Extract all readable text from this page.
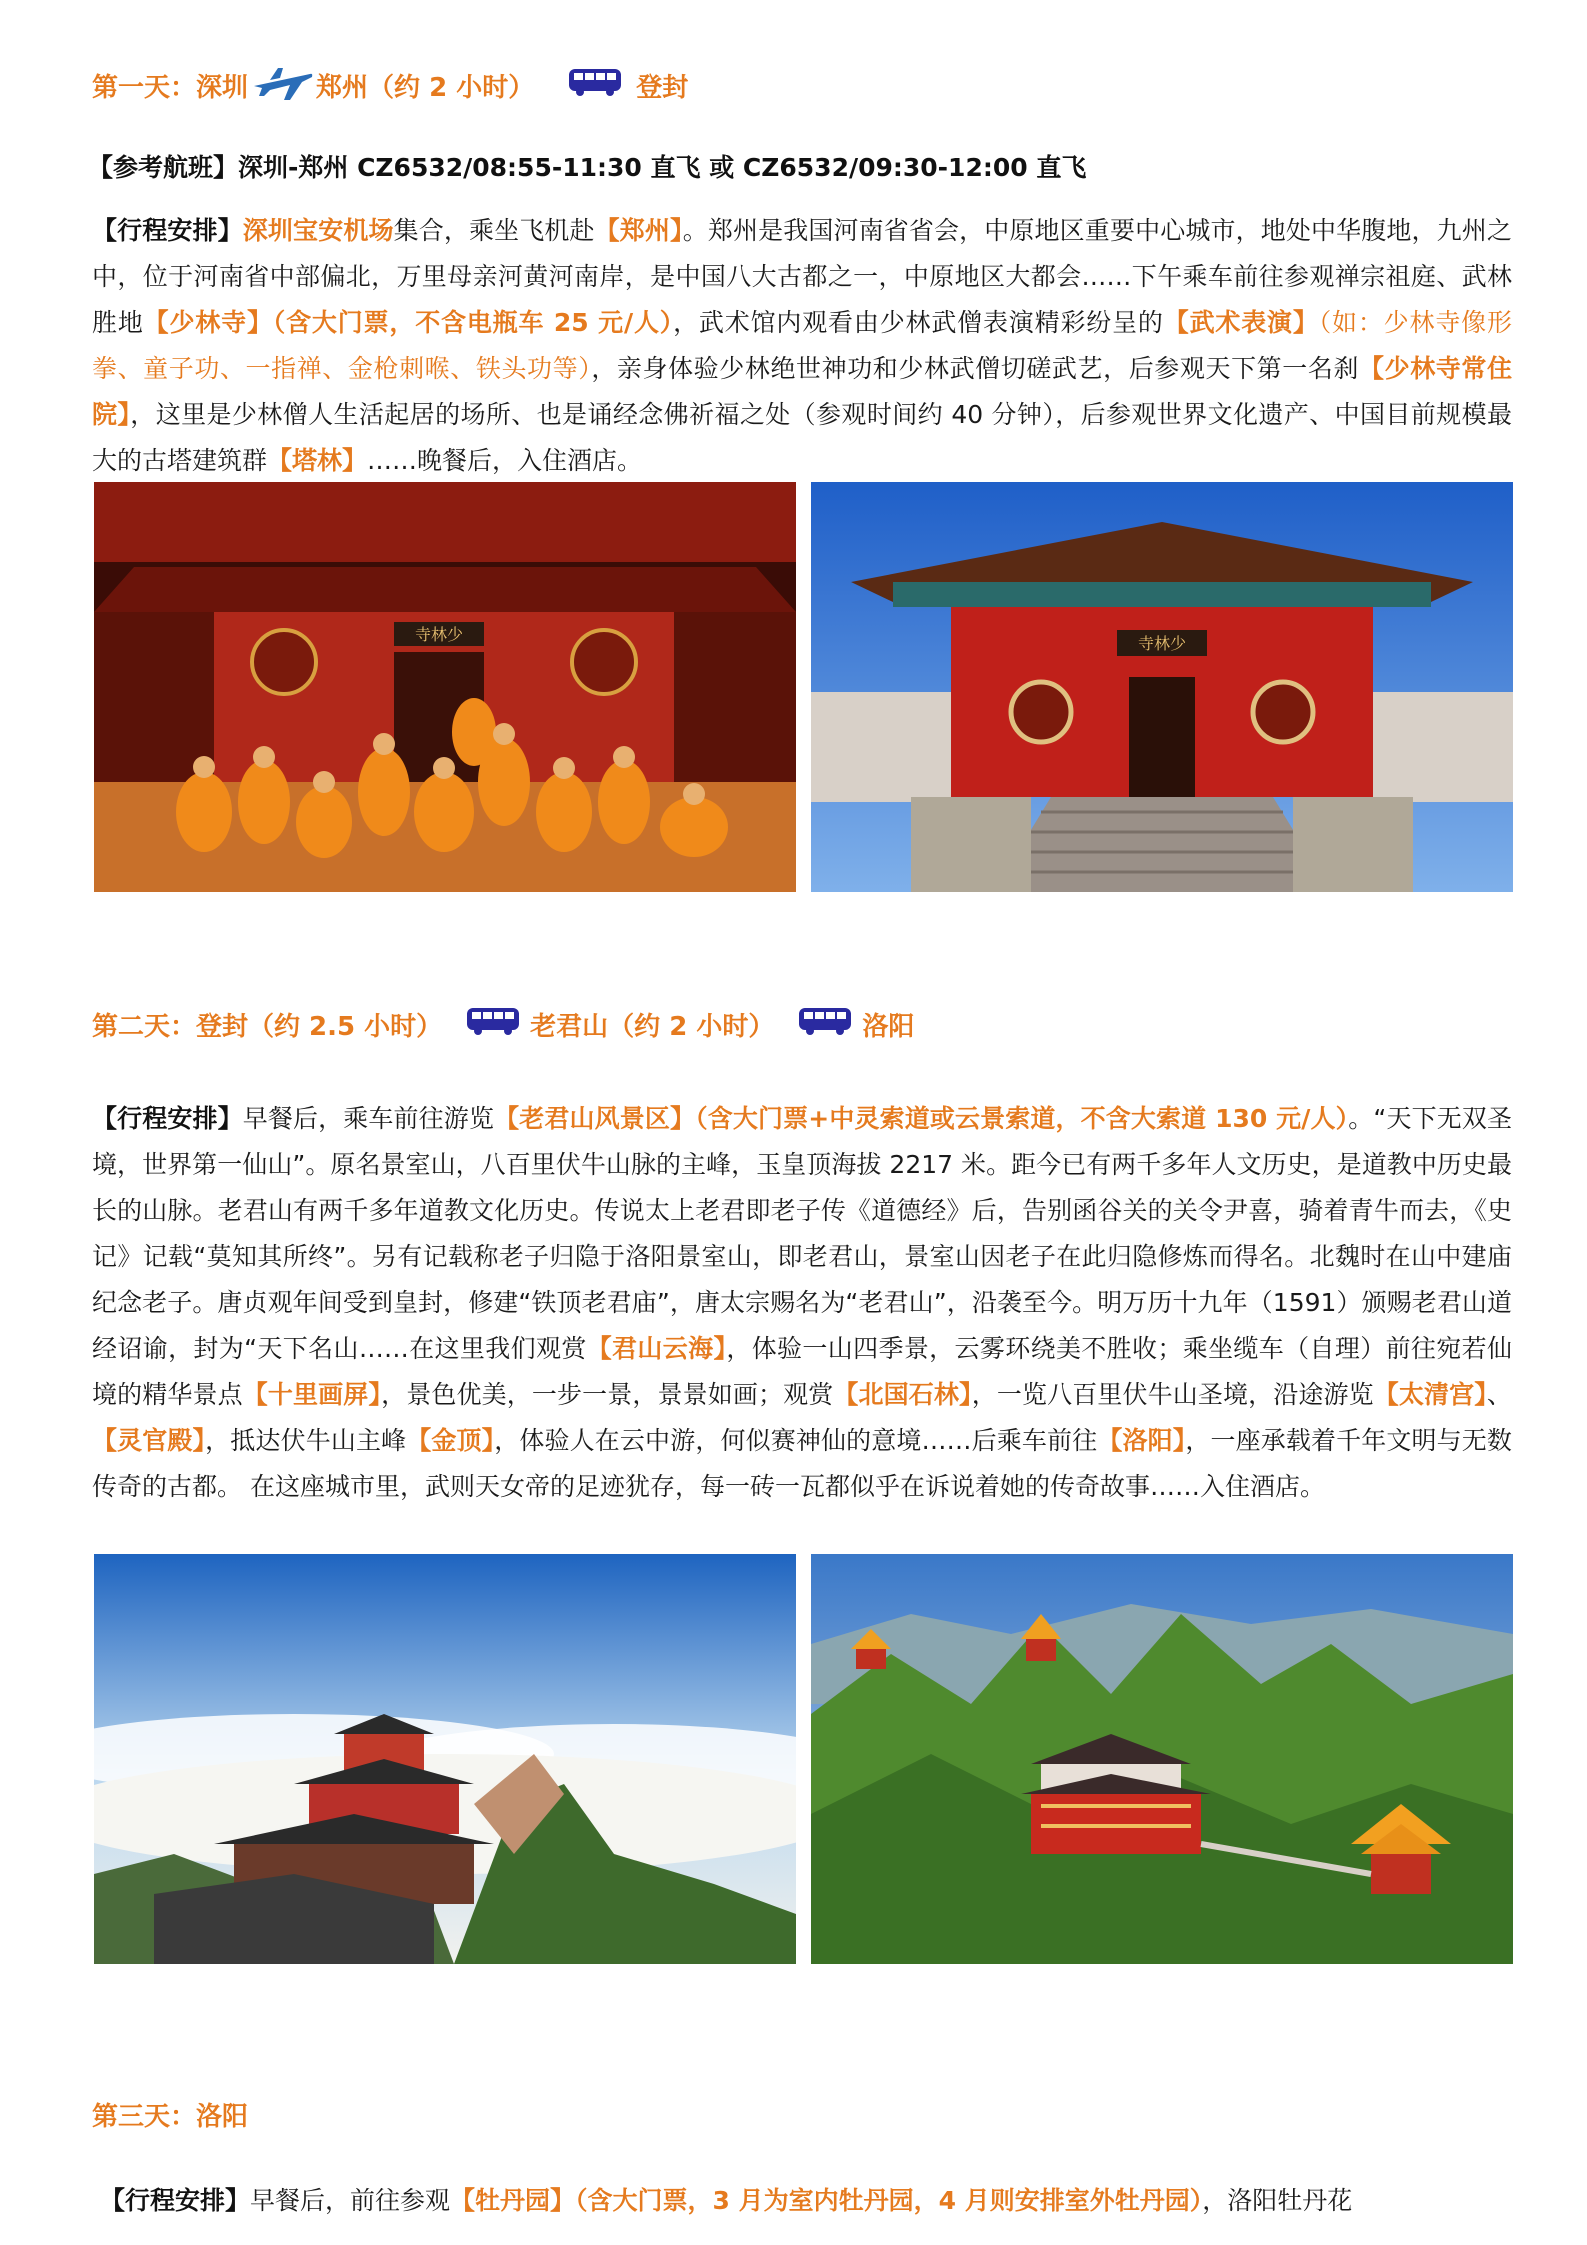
第一天：深圳	郑州（约 2 小时）	登封
【参考航班】深圳-郑州 CZ6532/08:55-11:30 直飞 或 CZ6532/09:30-12:00 直飞
【行程安排】深圳宝安机场集合，乘坐飞机赴【郑州】。郑州是我国河南省省会，中原地区重要中心城市，地处中华腹地，九州之中，位于河南省中部偏北，万里母亲河黄河南岸，是中国八大古都之一，中原地区大都会……下午乘车前往参观禅宗祖庭、武林胜地【少林寺】（含大门票，不含电瓶车 25 元/人），武术馆内观看由少林武僧表演精彩纷呈的【武术表演】（如：少林寺像形拳、童子功、一指禅、金枪刺喉、铁头功等），亲身体验少林绝世神功和少林武僧切磋武艺，后参观天下第一名刹【少林寺常住院】，这里是少林僧人生活起居的场所、也是诵经念佛祈福之处（参观时间约 40 分钟），后参观世界文化遗产、中国目前规模最大的古塔建筑群【塔林】……晚餐后，入住酒店。
寺林少	寺林少
第二天：登封（约 2.5 小时）	老君山（约 2 小时）	洛阳
【行程安排】早餐后，乘车前往游览【老君山风景区】（含大门票+中灵索道或云景索道，不含大索道 130 元/人）。“天下无双圣境，世界第一仙山”。原名景室山，八百里伏牛山脉的主峰，玉皇顶海拔 2217 米。距今已有两千多年人文历史，是道教中历史最长的山脉。老君山有两千多年道教文化历史。传说太上老君即老子传《道德经》后，告别函谷关的关令尹喜，骑着青牛而去，《史记》记载“莫知其所终”。另有记载称老子归隐于洛阳景室山，即老君山，景室山因老子在此归隐修炼而得名。北魏时在山中建庙纪念老子。唐贞观年间受到皇封，修建“铁顶老君庙”，唐太宗赐名为“老君山”，沿袭至今。明万历十九年（1591）颁赐老君山道经诏谕，封为“天下名山……在这里我们观赏【君山云海】，体验一山四季景，云雾环绕美不胜收；乘坐缆车（自理）前往宛若仙境的精华景点【十里画屏】，景色优美，一步一景，景景如画；观赏【北国石林】，一览八百里伏牛山圣境，沿途游览【太清宫】、【灵官殿】，抵达伏牛山主峰【金顶】，体验人在云中游，何似赛神仙的意境……后乘车前往【洛阳】，一座承载着千年文明与无数传奇的古都。 在这座城市里，武则天女帝的足迹犹存，每一砖一瓦都似乎在诉说着她的传奇故事……入住酒店。
第三天：洛阳
【行程安排】早餐后，前往参观【牡丹园】（含大门票，3 月为室内牡丹园，4 月则安排室外牡丹园），洛阳牡丹花
